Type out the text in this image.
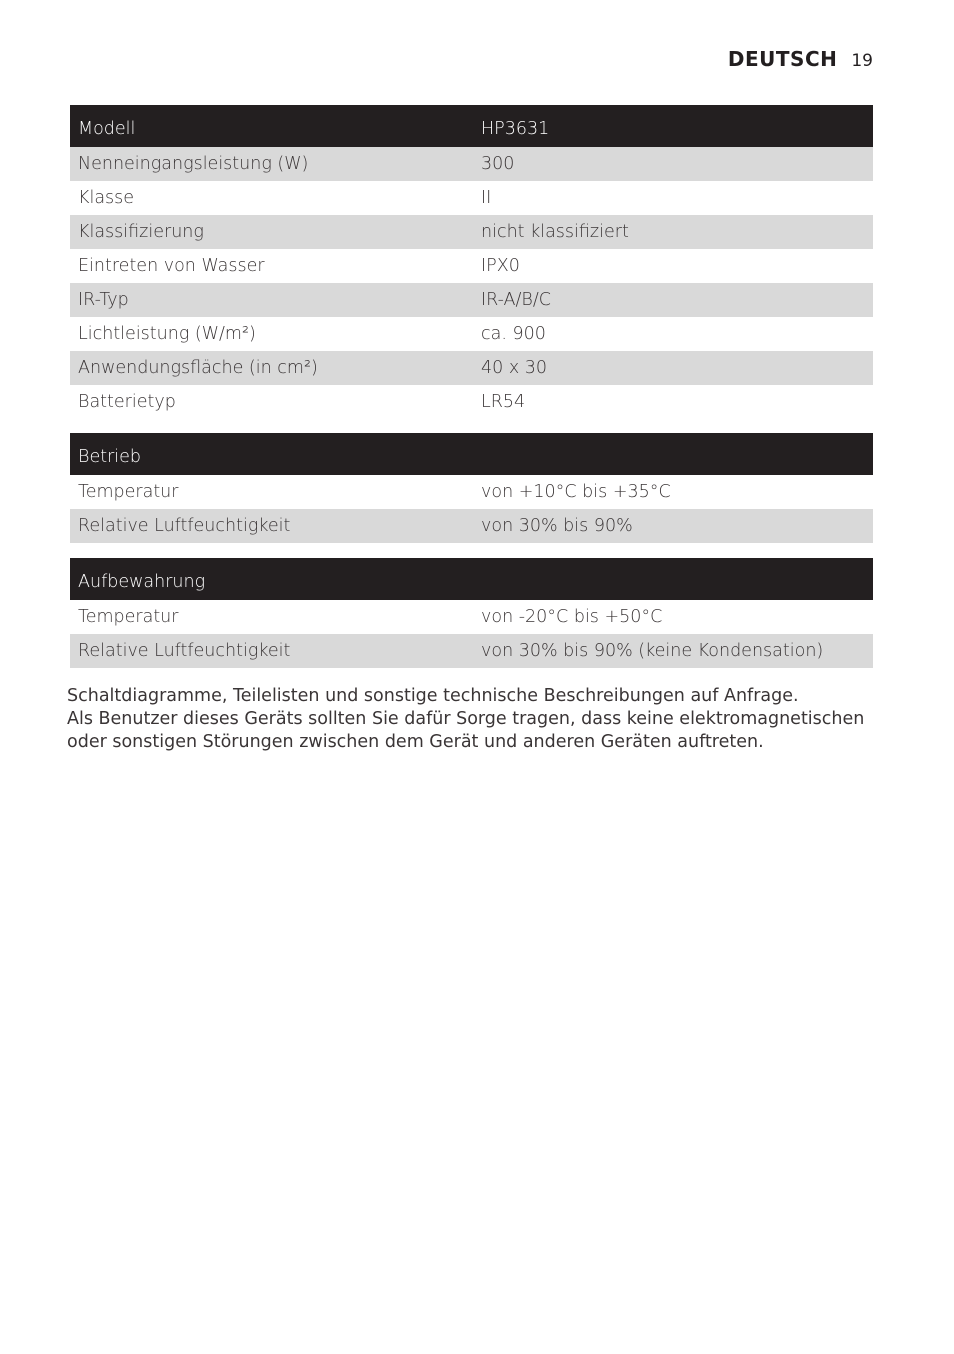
DEUTSCH 19
Modell	HP3631
Nenneingangsleistung (W)	300
Klasse	II
Klassifizierung	nicht klassifiziert
Eintreten von Wasser	IPX0
IR-Typ	IR-A/B/C
Lichtleistung (W/m²)	ca. 900
Anwendungsfläche (in cm²)	40 x 30
Batterietyp	LR54
Betrieb
Temperatur	von +10°C bis +35°C
Relative Luftfeuchtigkeit	von 30% bis 90%
Aufbewahrung
Temperatur	von -20°C bis +50°C
Relative Luftfeuchtigkeit	von 30% bis 90% (keine Kondensation)

Schaltdiagramme, Teilelisten und sonstige technische Beschreibungen auf Anfrage.

Als Benutzer dieses Geräts sollten Sie dafür Sorge tragen, dass keine elektromagnetischen oder sonstigen Störungen zwischen dem Gerät und anderen Geräten auftreten.
